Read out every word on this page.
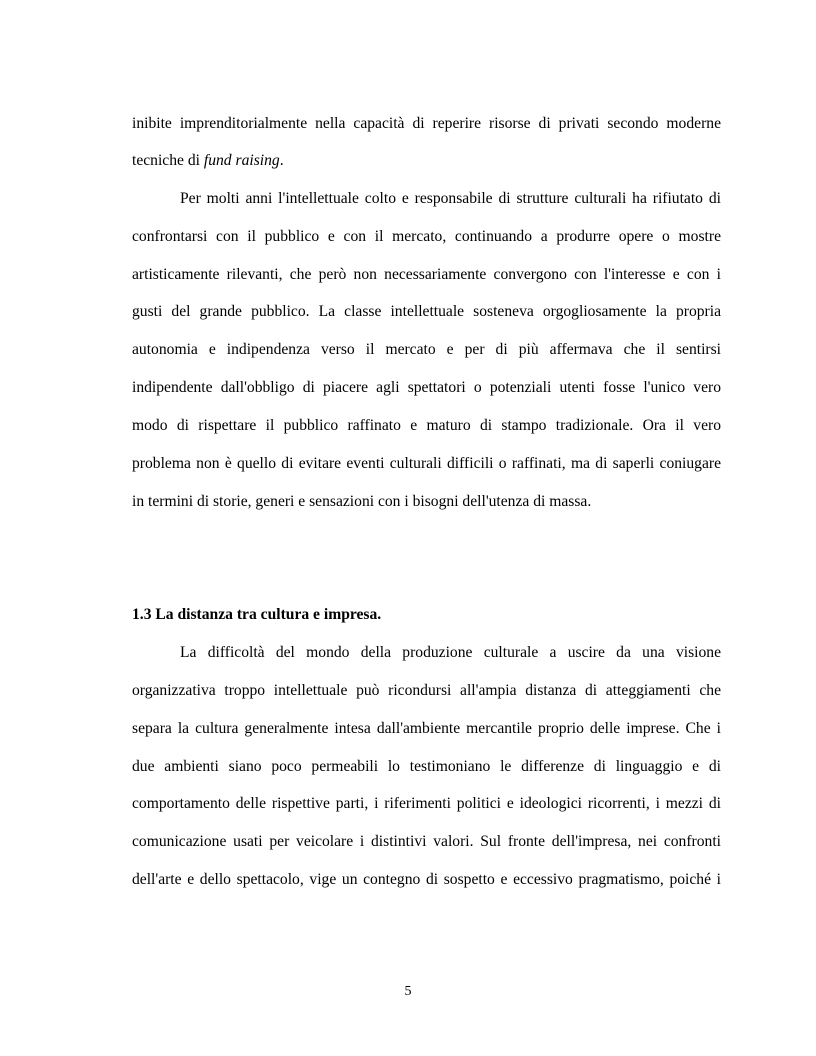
inibite imprenditorialmente nella capacità di reperire risorse di privati secondo moderne
tecniche di fund raising.
Per molti anni l'intellettuale colto e responsabile di strutture culturali ha rifiutato di
confrontarsi con il pubblico e con il mercato, continuando a produrre opere o mostre
artisticamente rilevanti, che però non necessariamente convergono con l'interesse e con i
gusti del grande pubblico. La classe intellettuale sosteneva orgogliosamente la propria
autonomia e indipendenza verso il mercato e per di più affermava che il sentirsi
indipendente dall'obbligo di piacere agli spettatori o potenziali utenti fosse l'unico vero
modo di rispettare il pubblico raffinato e maturo di stampo tradizionale. Ora il vero
problema non è quello di evitare eventi culturali difficili o raffinati, ma di saperli coniugare
in termini di storie, generi e sensazioni con i bisogni dell'utenza di massa.
1.3 La distanza tra cultura e impresa.
La difficoltà del mondo della produzione culturale a uscire da una visione
organizzativa troppo intellettuale può ricondursi all'ampia distanza di atteggiamenti che
separa la cultura generalmente intesa dall'ambiente mercantile proprio delle imprese. Che i
due ambienti siano poco permeabili lo testimoniano le differenze di linguaggio e di
comportamento delle rispettive parti, i riferimenti politici e ideologici ricorrenti, i mezzi di
comunicazione usati per veicolare i distintivi valori. Sul fronte dell'impresa, nei confronti
dell'arte e dello spettacolo, vige un contegno di sospetto e eccessivo pragmatismo, poiché i
5
